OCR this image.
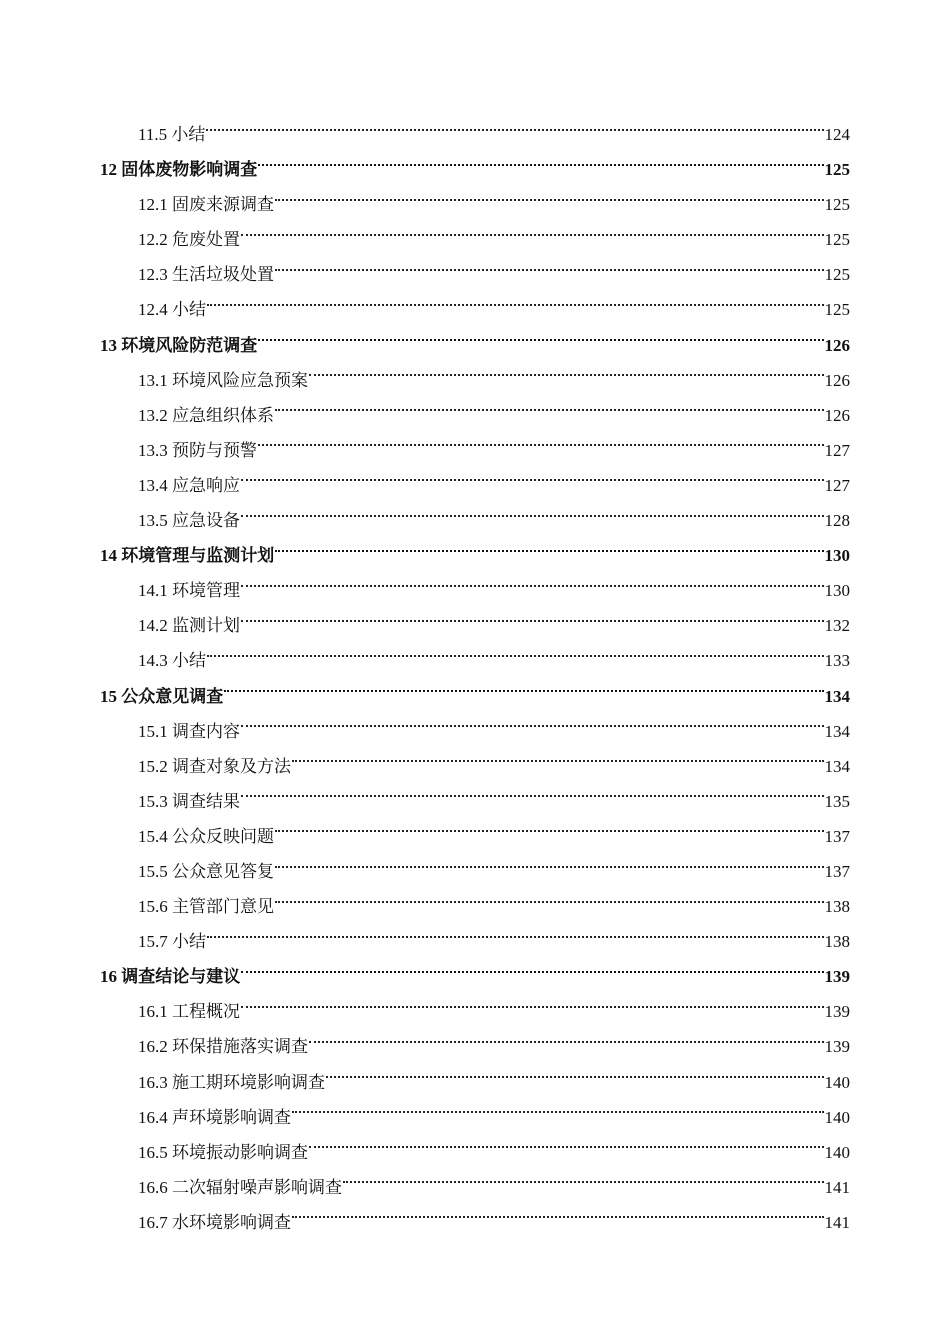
11.5 小结	124
12 固体废物影响调查	125
12.1 固废来源调查	125
12.2 危废处置	125
12.3 生活垃圾处置	125
12.4 小结	125
13 环境风险防范调查	126
13.1 环境风险应急预案	126
13.2 应急组织体系	126
13.3 预防与预警	127
13.4 应急响应	127
13.5 应急设备	128
14 环境管理与监测计划	130
14.1 环境管理	130
14.2 监测计划	132
14.3 小结	133
15 公众意见调查	134
15.1 调查内容	134
15.2 调查对象及方法	134
15.3 调查结果	135
15.4 公众反映问题	137
15.5 公众意见答复	137
15.6 主管部门意见	138
15.7 小结	138
16 调查结论与建议	139
16.1 工程概况	139
16.2 环保措施落实调查	139
16.3 施工期环境影响调查	140
16.4 声环境影响调查	140
16.5 环境振动影响调查	140
16.6 二次辐射噪声影响调查	141
16.7 水环境影响调查	141
